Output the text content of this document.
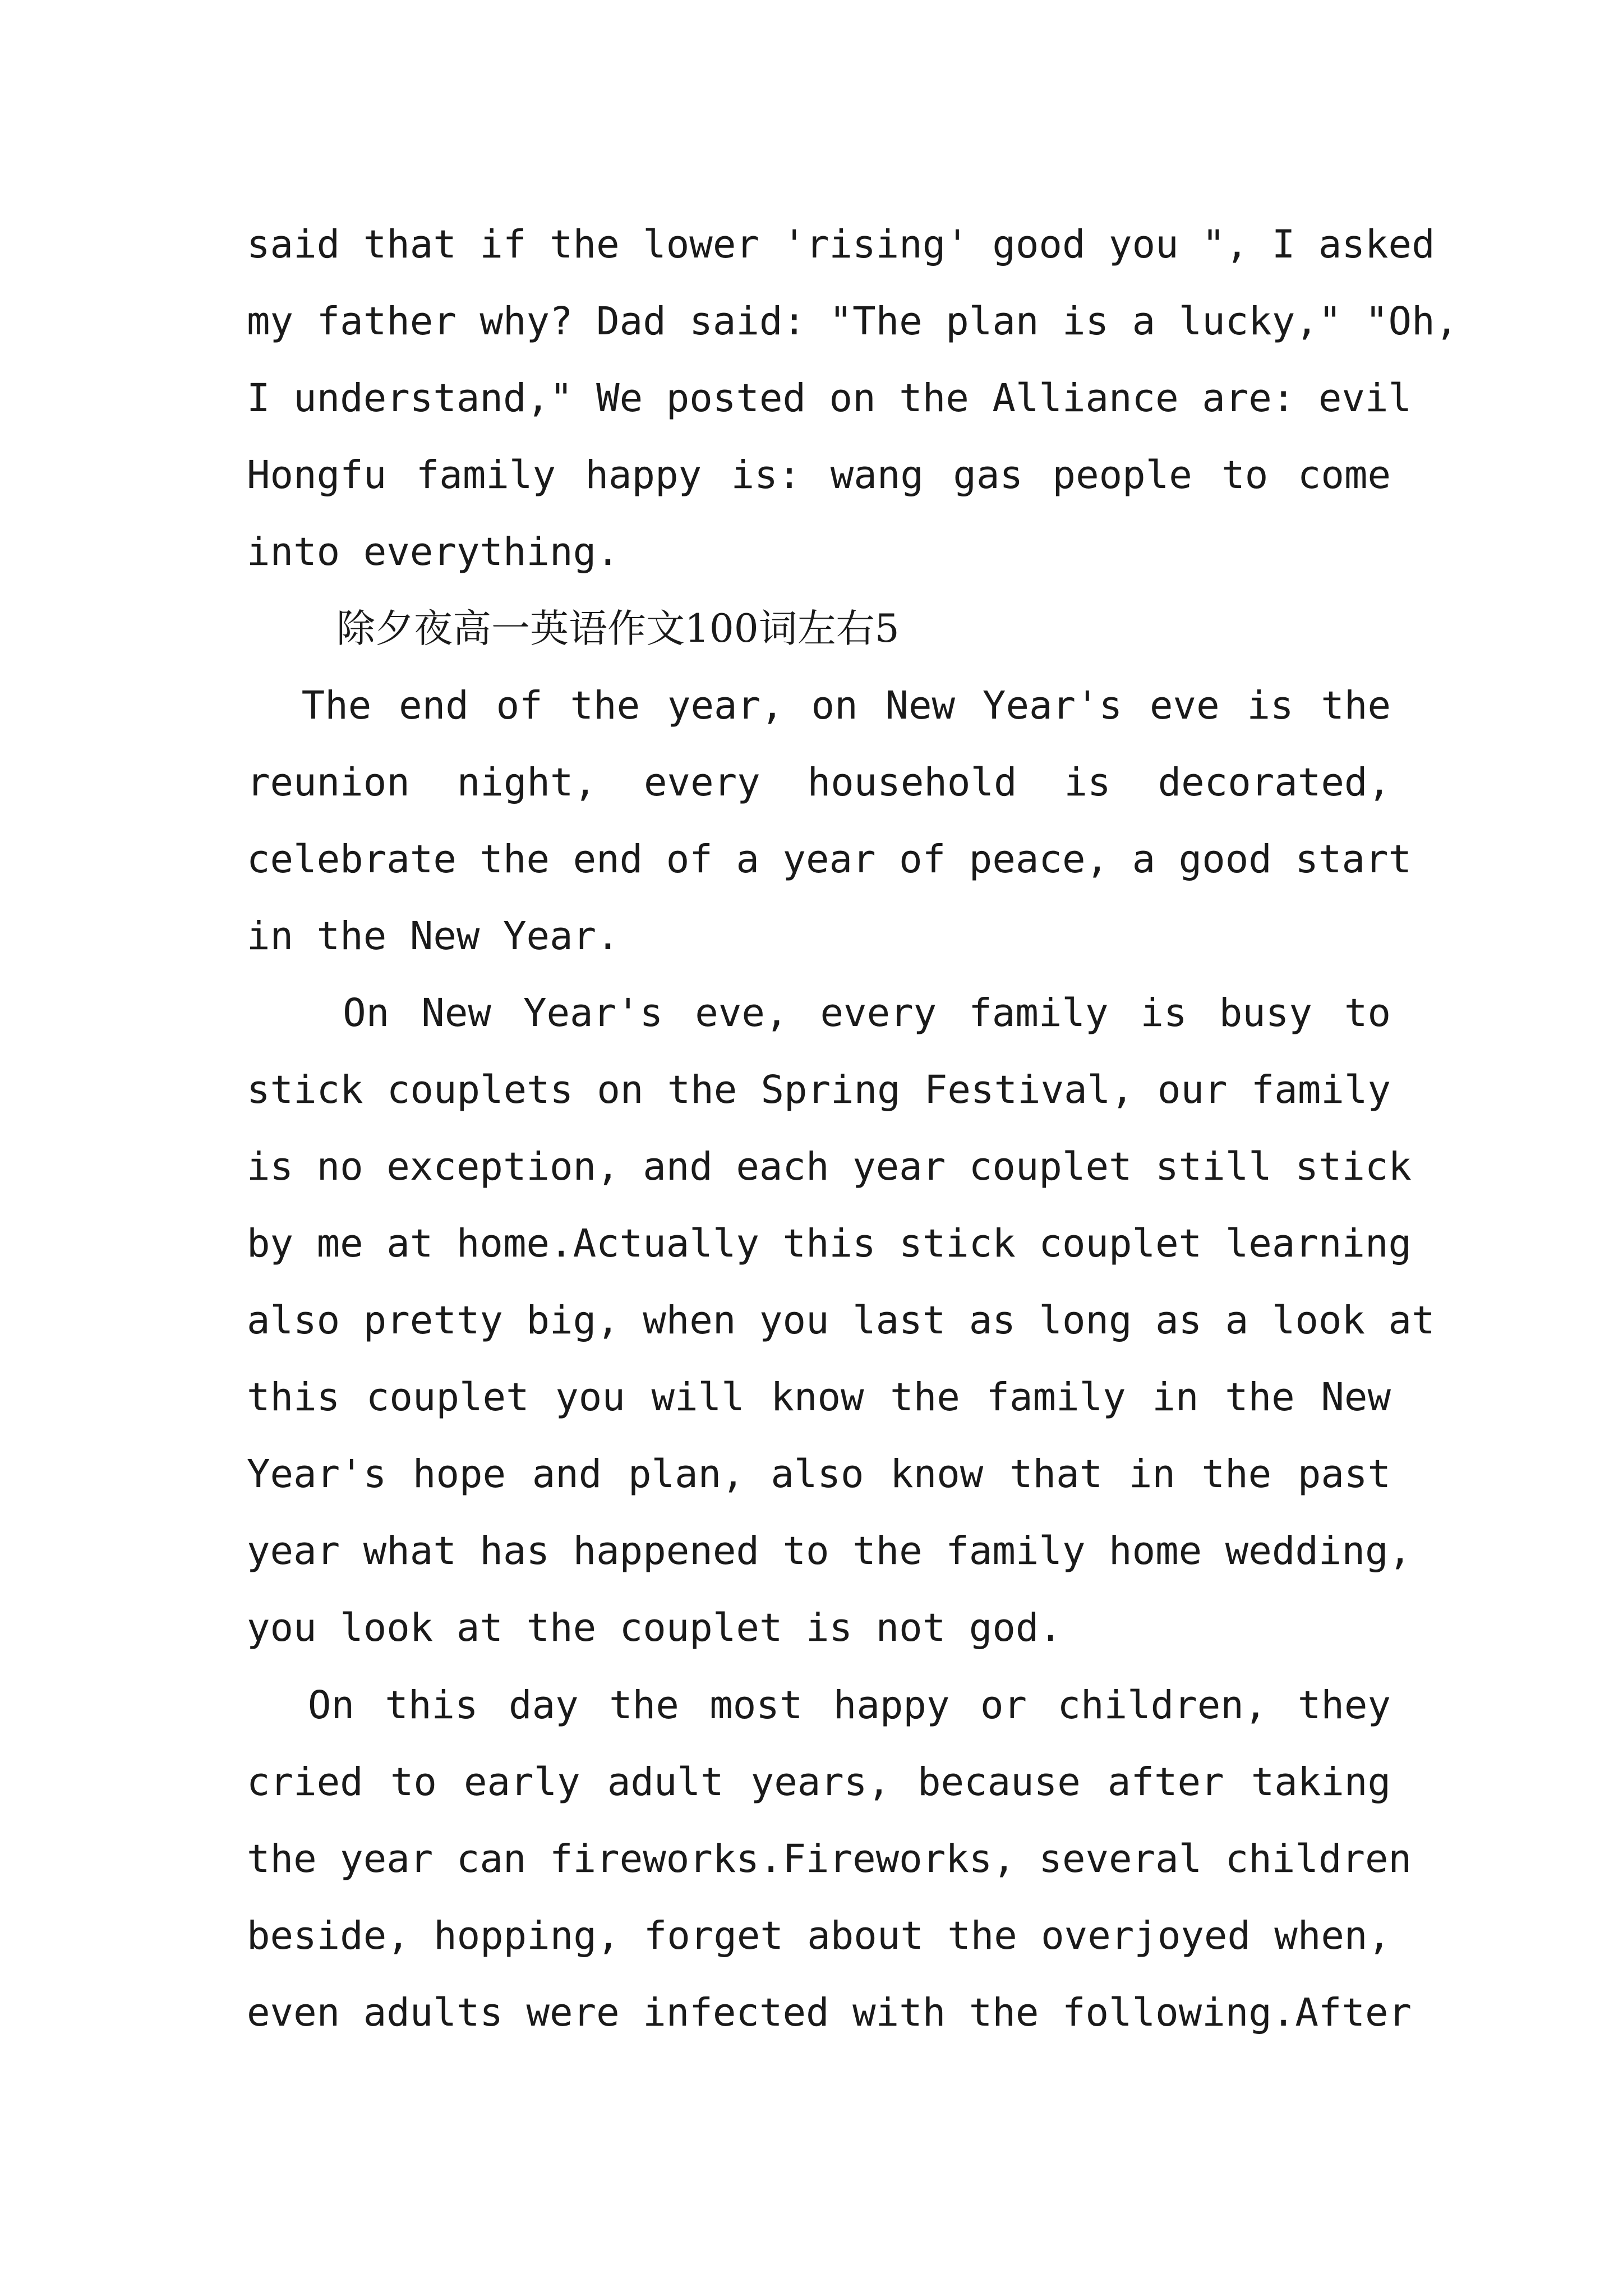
said that if the lower 'rising' good you ", I asked
my father why? Dad said: "The plan is a lucky," "Oh,
I understand," We posted on the Alliance are: evil
Hongfu family happy is: wang gas people to come
into everything.
除夕夜高一英语作文100词左右5
The end of the year, on New Year's eve is the
reunion night, every household is decorated,
celebrate the end of a year of peace, a good start
in the New Year.
On New Year's eve, every family is busy to
stick couplets on the Spring Festival, our family
is no exception, and each year couplet still stick
by me at home.Actually this stick couplet learning
also pretty big, when you last as long as a look at
this couplet you will know the family in the New
Year's hope and plan, also know that in the past
year what has happened to the family home wedding,
you look at the couplet is not god.
On this day the most happy or children, they
cried to early adult years, because after taking
the year can fireworks.Fireworks, several children
beside, hopping, forget about the overjoyed when,
even adults were infected with the following.After
